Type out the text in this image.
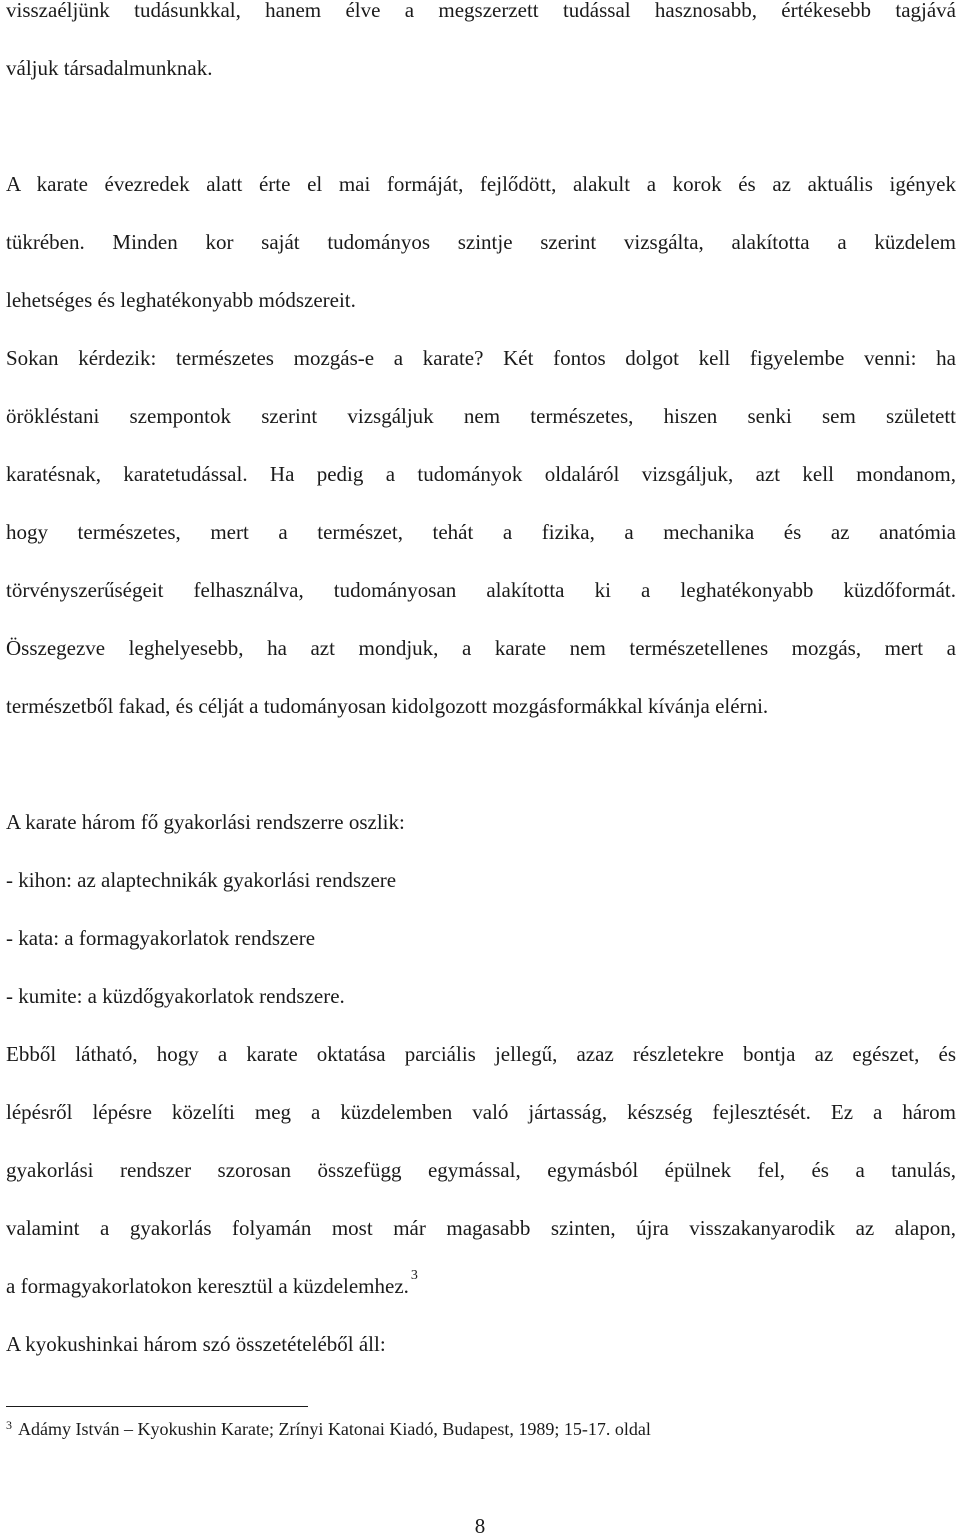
visszaéljünk tudásunkkal, hanem élve a megszerzett tudással hasznosabb, értékesebb tagjává
váljuk társadalmunknak.
A karate évezredek alatt érte el mai formáját, fejlődött, alakult a korok és az aktuális igények
tükrében. Minden kor saját tudományos szintje szerint vizsgálta, alakította a küzdelem
lehetséges és leghatékonyabb módszereit.
Sokan kérdezik: természetes mozgás-e a karate? Két fontos dolgot kell figyelembe venni: ha
örökléstani szempontok szerint vizsgáljuk nem természetes, hiszen senki sem született
karatésnak, karatetudással. Ha pedig a tudományok oldaláról vizsgáljuk, azt kell mondanom,
hogy természetes, mert a természet, tehát a fizika, a mechanika és az anatómia
törvényszerűségeit felhasználva, tudományosan alakította ki a leghatékonyabb küzdőformát.
Összegezve leghelyesebb, ha azt mondjuk, a karate nem természetellenes mozgás, mert a
természetből fakad, és célját a tudományosan kidolgozott mozgásformákkal kívánja elérni.
A karate három fő gyakorlási rendszerre oszlik:
- kihon: az alaptechnikák gyakorlási rendszere
- kata: a formagyakorlatok rendszere
- kumite: a küzdőgyakorlatok rendszere.
Ebből látható, hogy a karate oktatása parciális jellegű, azaz részletekre bontja az egészet, és
lépésről lépésre közelíti meg a küzdelemben való jártasság, készség fejlesztését. Ez a három
gyakorlási rendszer szorosan összefügg egymással, egymásból épülnek fel, és a tanulás,
valamint a gyakorlás folyamán most már magasabb szinten, újra visszakanyarodik az alapon,
a formagyakorlatokon keresztül a küzdelemhez. $^3$
A kyokushinkai három szó összetételéből áll:
$^3$ Adámy István – Kyokushin Karate; Zrínyi Katonai Kiadó, Budapest, 1989; 15-17. oldal
8
